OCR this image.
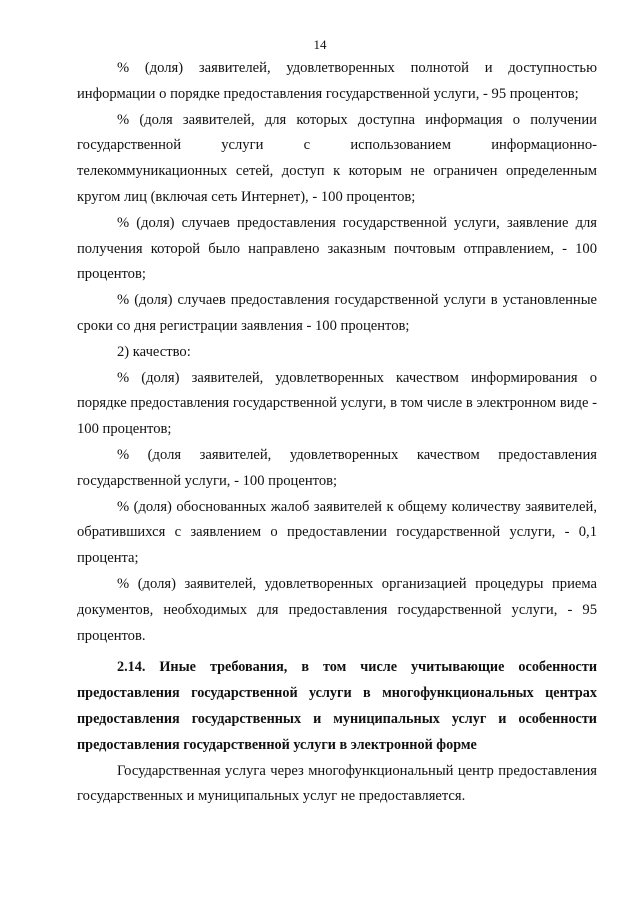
14

% (доля) заявителей, удовлетворенных полнотой и доступностью информации о порядке предоставления государственной услуги, - 95 процентов;

% (доля заявителей, для которых доступна информация о получении государственной услуги с использованием информационно-телекоммуникационных сетей, доступ к которым не ограничен определенным кругом лиц (включая сеть Интернет), - 100 процентов;

% (доля) случаев предоставления государственной услуги, заявление для получения которой было направлено заказным почтовым отправлением, - 100 процентов;

% (доля) случаев предоставления государственной услуги в установленные сроки со дня регистрации заявления - 100 процентов;

2) качество:

% (доля) заявителей, удовлетворенных качеством информирования о порядке предоставления государственной услуги, в том числе в электронном виде - 100 процентов;

% (доля заявителей, удовлетворенных качеством предоставления государственной услуги, - 100 процентов;

% (доля) обоснованных жалоб заявителей к общему количеству заявителей, обратившихся с заявлением о предоставлении государственной услуги, - 0,1 процента;

% (доля) заявителей, удовлетворенных организацией процедуры приема документов, необходимых для предоставления государственной услуги, - 95 процентов.

2.14. Иные требования, в том числе учитывающие особенности предоставления государственной услуги в многофункциональных центрах предоставления государственных и муниципальных услуг и особенности предоставления государственной услуги в электронной форме

Государственная услуга через многофункциональный центр предоставления государственных и муниципальных услуг не предоставляется.
